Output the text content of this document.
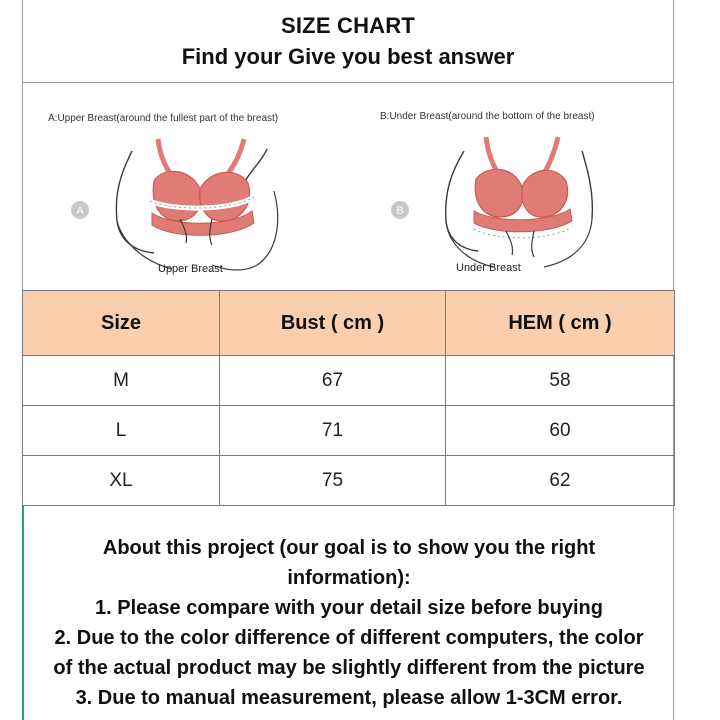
SIZE CHART
Find your Give you best answer
A:Upper Breast(around the fullest part of the breast)
A
Upper Breast
B:Under Breast(around the bottom of the breast)
B
Under Breast
Size	Bust ( cm )	HEM ( cm )
M	67	58
L	71	60
XL	75	62
About this project (our goal is to show you the right
information):
1. Please compare with your detail size before buying
2. Due to the color difference of different computers, the color
of the actual product may be slightly different from the picture
3. Due to manual measurement, please allow 1-3CM error.
